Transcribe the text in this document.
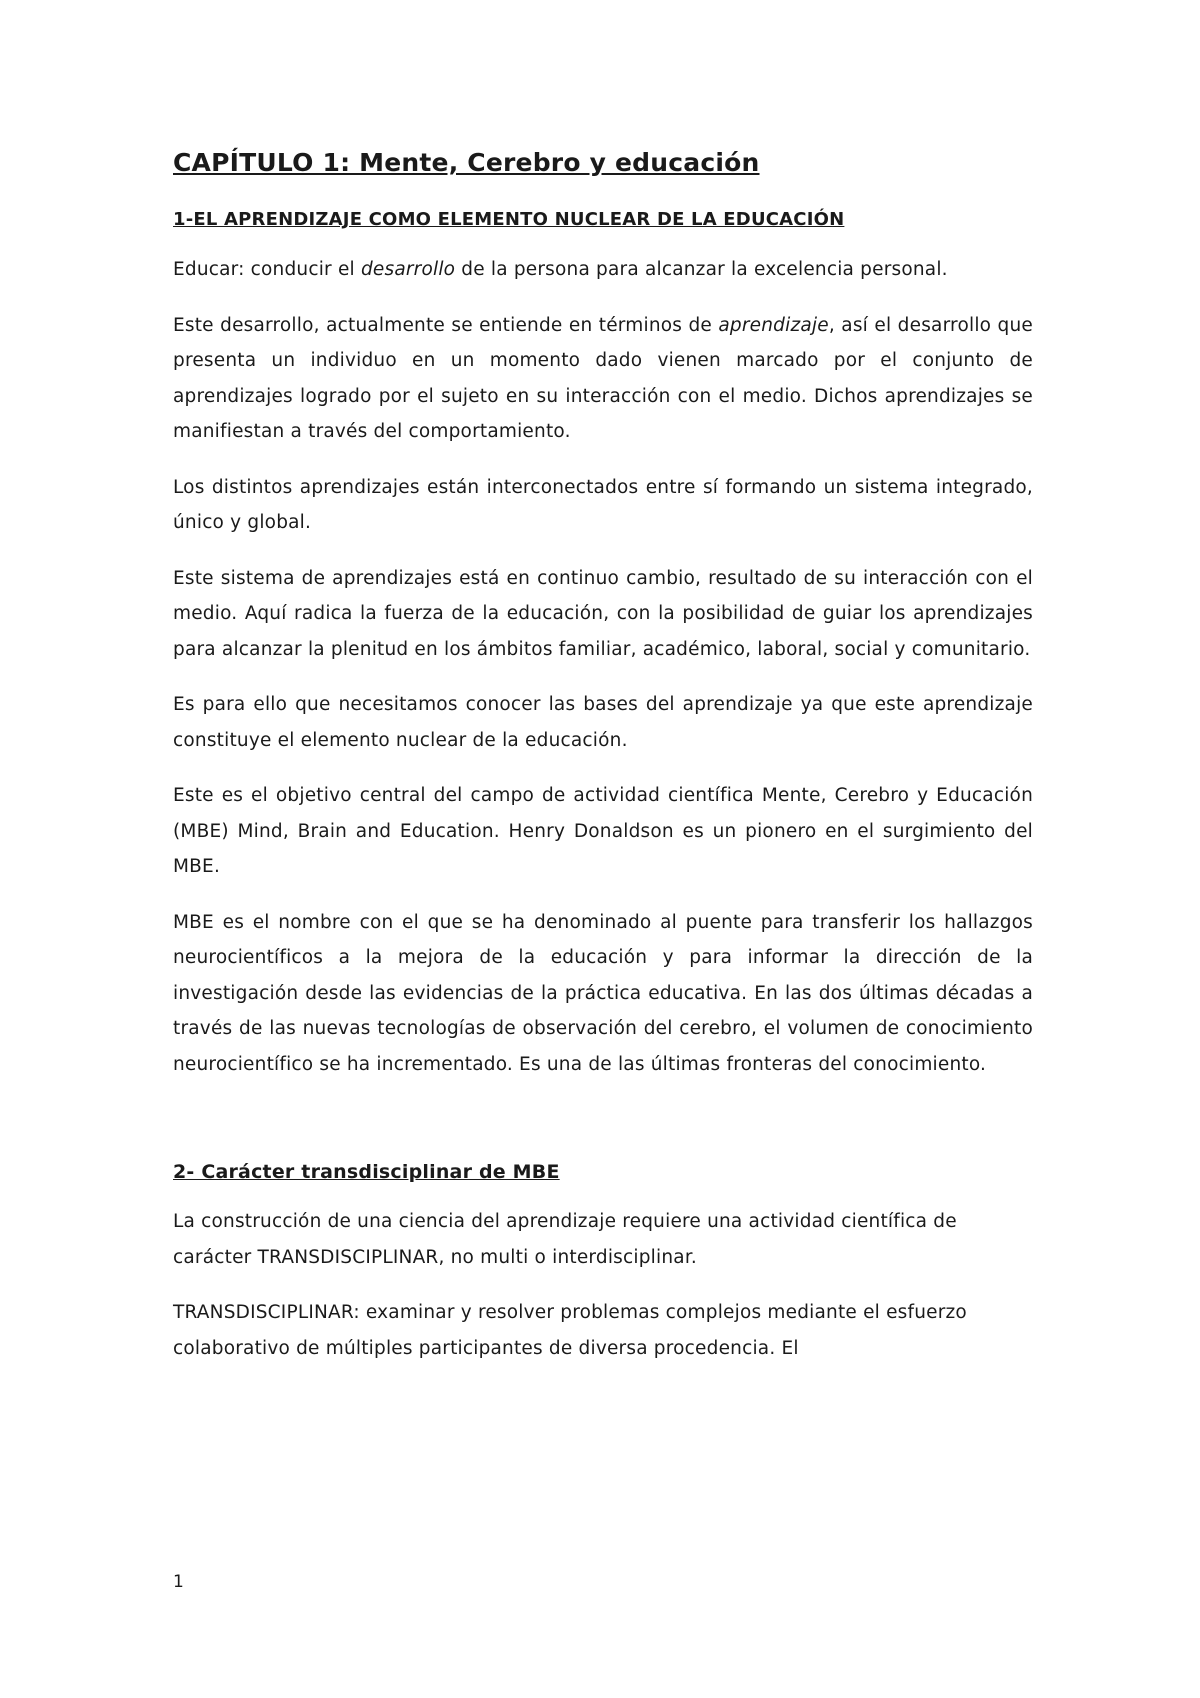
CAPÍTULO 1: Mente, Cerebro y educación
1-EL APRENDIZAJE COMO ELEMENTO NUCLEAR DE LA EDUCACIÓN

Educar: conducir el desarrollo de la persona para alcanzar la excelencia personal.

Este desarrollo, actualmente se entiende en términos de aprendizaje, así el desarrollo que presenta un individuo en un momento dado vienen marcado por el conjunto de aprendizajes logrado por el sujeto en su interacción con el medio. Dichos aprendizajes se manifiestan a través del comportamiento.

Los distintos aprendizajes están interconectados entre sí formando un sistema integrado, único y global.

Este sistema de aprendizajes está en continuo cambio, resultado de su interacción con el medio. Aquí radica la fuerza de la educación, con la posibilidad de guiar los aprendizajes para alcanzar la plenitud en los ámbitos familiar, académico, laboral, social y comunitario.

Es para ello que necesitamos conocer las bases del aprendizaje ya que este aprendizaje constituye el elemento nuclear de la educación.

Este es el objetivo central del campo de actividad científica Mente, Cerebro y Educación (MBE) Mind, Brain and Education. Henry Donaldson es un pionero en el surgimiento del MBE.

MBE es el nombre con el que se ha denominado al puente para transferir los hallazgos neurocientíficos a la mejora de la educación y para informar la dirección de la investigación desde las evidencias de la práctica educativa. En las dos últimas décadas a través de las nuevas tecnologías de observación del cerebro, el volumen de conocimiento neurocientífico se ha incrementado. Es una de las últimas fronteras del conocimiento.

2- Carácter transdisciplinar de MBE

La construcción de una ciencia del aprendizaje requiere una actividad científica de carácter TRANSDISCIPLINAR, no multi o interdisciplinar.

TRANSDISCIPLINAR: examinar y resolver problemas complejos mediante el esfuerzo colaborativo de múltiples participantes de diversa procedencia. El

1
